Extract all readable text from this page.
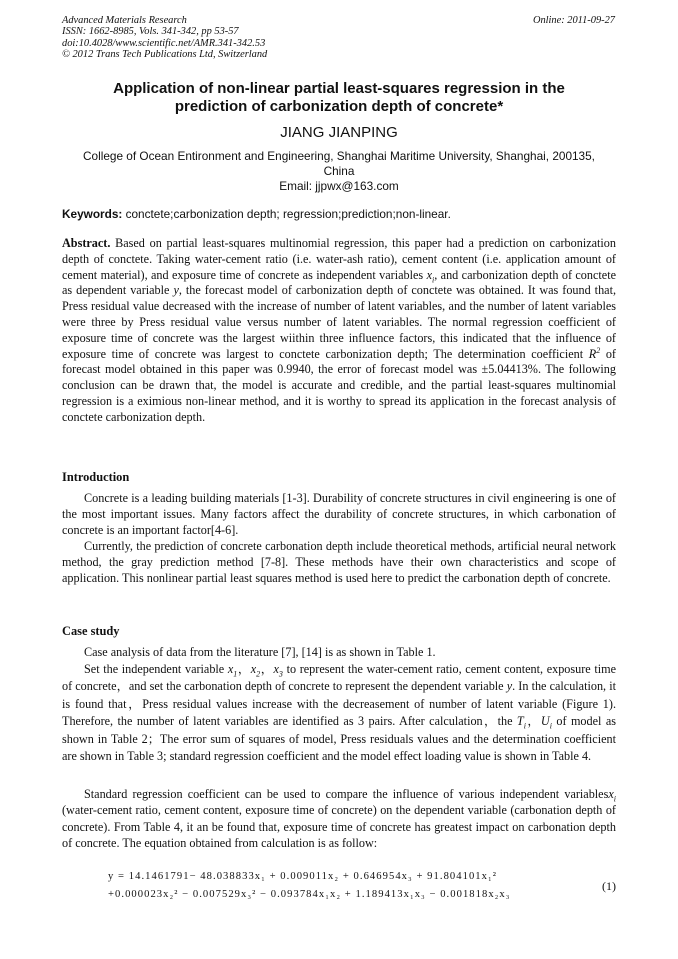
Advanced Materials Research
ISSN: 1662-8985, Vols. 341-342, pp 53-57
doi:10.4028/www.scientific.net/AMR.341-342.53
© 2012 Trans Tech Publications Ltd, Switzerland
Online: 2011-09-27
Application of non-linear partial least-squares regression in the
prediction of carbonization depth of concrete*
JIANG JIANPING
College of Ocean Entironment and Engineering, Shanghai Maritime University, Shanghai, 200135,
China
Email: jjpwx@163.com
Keywords: conctete;carbonization depth; regression;prediction;non-linear.
Abstract. Based on partial least-squares multinomial regression, this paper had a prediction on carbonization depth of conctete. Taking water-cement ratio (i.e. water-ash ratio), cement content (i.e. application amount of cement material), and exposure time of concrete as independent variables $x_i$, and carbonization depth of conctete as dependent variable y, the forecast model of carbonization depth of conctete was obtained. It was found that, Press residual value decreased with the increase of number of latent variables, and the number of latent variables were three by Press residual value versus number of latent variables. The normal regression coefficient of exposure time of concrete was the largest wiithin three influence factors, this indicated that the influence of exposure time of concrete was largest to conctete carbonization depth; The determination coefficient $R^2$ of forecast model obtained in this paper was 0.9940, the error of forecast model was ±5.04413%. The following conclusion can be drawn that, the model is accurate and credible, and the partial least-squares multinomial regression is a eximious non-linear method, and it is worthy to spread its application in the forecast analysis of conctete carbonization depth.
Introduction

Concrete is a leading building materials [1-3]. Durability of concrete structures in civil engineering is one of the most important issues. Many factors affect the durability of concrete structures, in which carbonation of concrete is an important factor[4-6].

Currently, the prediction of concrete carbonation depth include theoretical methods, artificial neural network method, the gray prediction method [7-8]. These methods have their own characteristics and scope of application. This nonlinear partial least squares method is used here to predict the carbonation depth of concrete.

Case study

Case analysis of data from the literature [7], [14] is as shown in Table 1.

Set the independent variable $x_1$，$x_2$，$x_3$ to represent the water-cement ratio, cement content, exposure time of concrete，and set the carbonation depth of concrete to represent the dependent variable y. In the calculation, it is found that，Press residual values increase with the decreasement of number of latent variable (Figure 1). Therefore, the number of latent variables are identified as 3 pairs. After calculation，the $T_i$，$U_i$ of model as shown in Table 2；The error sum of squares of model, Press residuals values and the determination coefficient are shown in Table 3; standard regression coefficient and the model effect loading value is shown in Table 4.

Standard regression coefficient can be used to compare the influence of various independent variablesx$_i$ (water-cement ratio, cement content, exposure time of concrete) on the dependent variable (carbonation depth of concrete). From Table 4, it an be found that, exposure time of concrete has greatest impact on carbonation depth of concrete. The equation obtained from calculation is as follow:

y = 14.1461791− 48.038833x₁ + 0.009011x₂ + 0.646954x₃ + 91.804101x₁²
+0.000023x₂² − 0.007529x₃² − 0.093784x₁x₂ + 1.189413x₁x₃ − 0.001818x₂x₃
(1)
